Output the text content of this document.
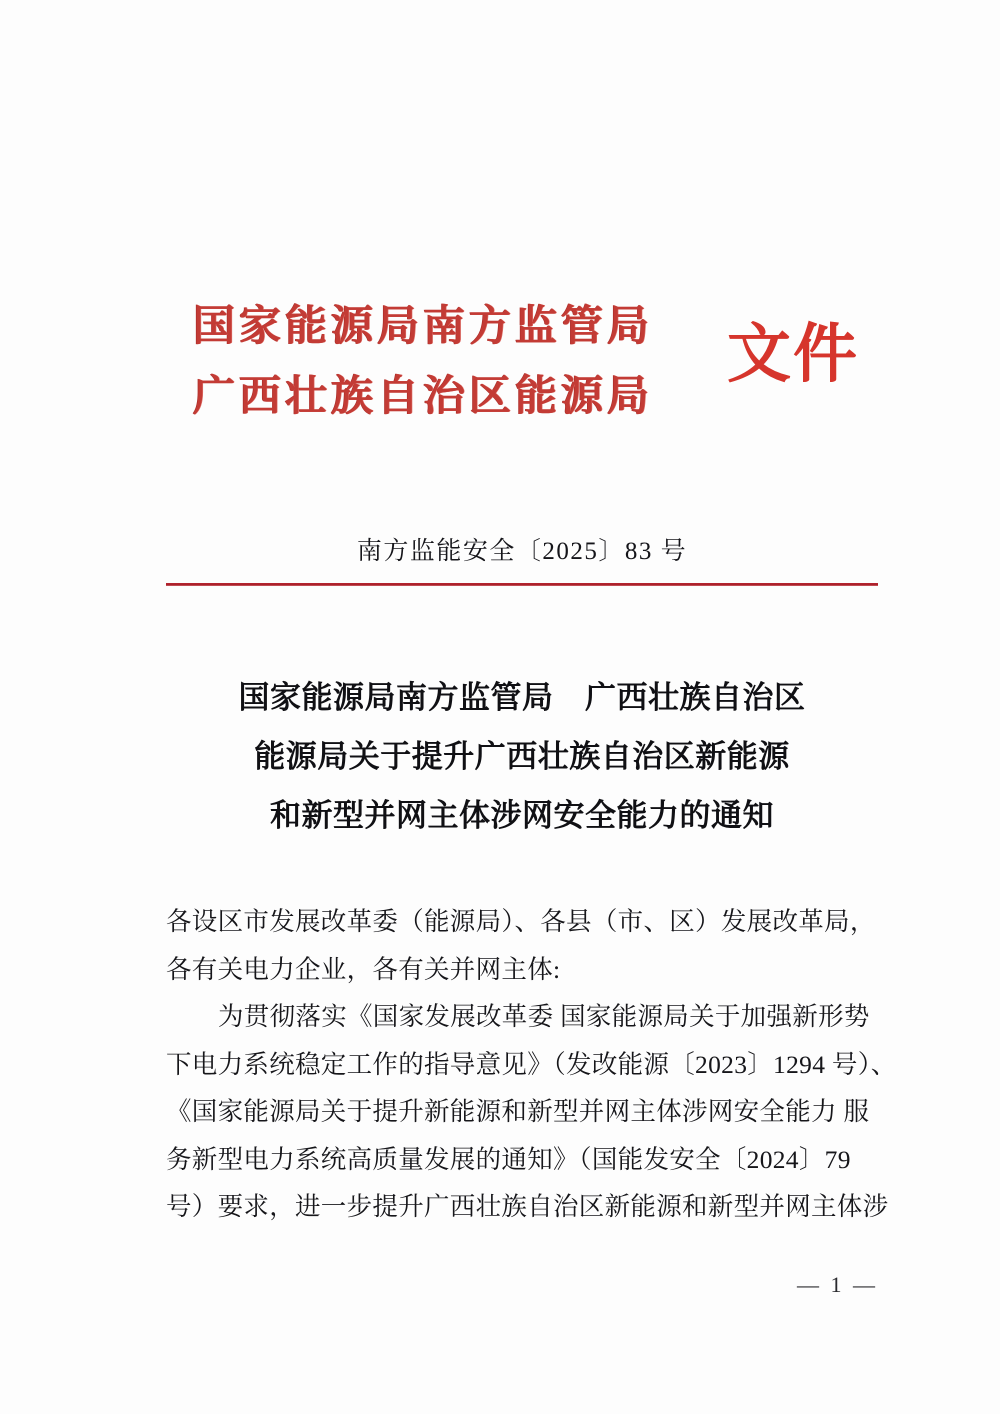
国家能源局南方监管局
广西壮族自治区能源局
文件
南方监能安全〔2025〕83 号
国家能源局南方监管局　广西壮族自治区
能源局关于提升广西壮族自治区新能源
和新型并网主体涉网安全能力的通知
各设区市发展改革委（能源局）、各县（市、区）发展改革局，
各有关电力企业，各有关并网主体:
为贯彻落实《国家发展改革委 国家能源局关于加强新形势
下电力系统稳定工作的指导意见》（发改能源〔2023〕1294 号）、
《国家能源局关于提升新能源和新型并网主体涉网安全能力 服
务新型电力系统高质量发展的通知》（国能发安全〔2024〕79
号）要求，进一步提升广西壮族自治区新能源和新型并网主体涉
— 1 —
